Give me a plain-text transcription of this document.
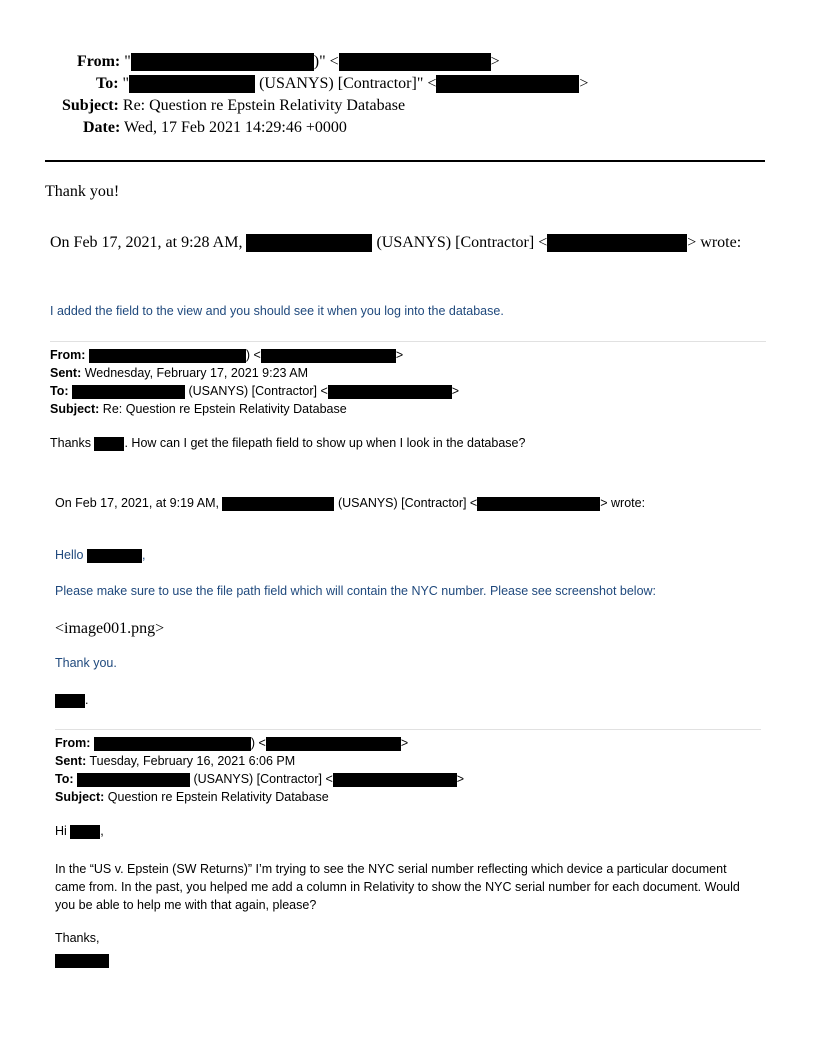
From: "	)" <	>
To: "	(USANYS) [Contractor]" <	>
Subject: Re: Question re Epstein Relativity Database
Date: Wed, 17 Feb 2021 14:29:46 +0000
Thank you!
On Feb 17, 2021, at 9:28 AM,	(USANYS) [Contractor] <	> wrote:
I added the field to the view and you should see it when you log into the database.
From:	) <	>
Sent: Wednesday, February 17, 2021 9:23 AM
To:	(USANYS) [Contractor] <	>
Subject: Re: Question re Epstein Relativity Database
Thanks	. How can I get the filepath field to show up when I look in the database?
On Feb 17, 2021, at 9:19 AM,	(USANYS) [Contractor] <	> wrote:
Hello	,
Please make sure to use the file path field which will contain the NYC number. Please see screenshot below:
<image001.png>
Thank you.
.
From:	) <	>
Sent: Tuesday, February 16, 2021 6:06 PM
To:	(USANYS) [Contractor] <	>
Subject: Question re Epstein Relativity Database
Hi	,
In the “US v. Epstein (SW Returns)” I’m trying to see the NYC serial number reflecting which device a particular document came from. In the past, you helped me add a column in Relativity to show the NYC serial number for each document. Would you be able to help me with that again, please?
Thanks,
